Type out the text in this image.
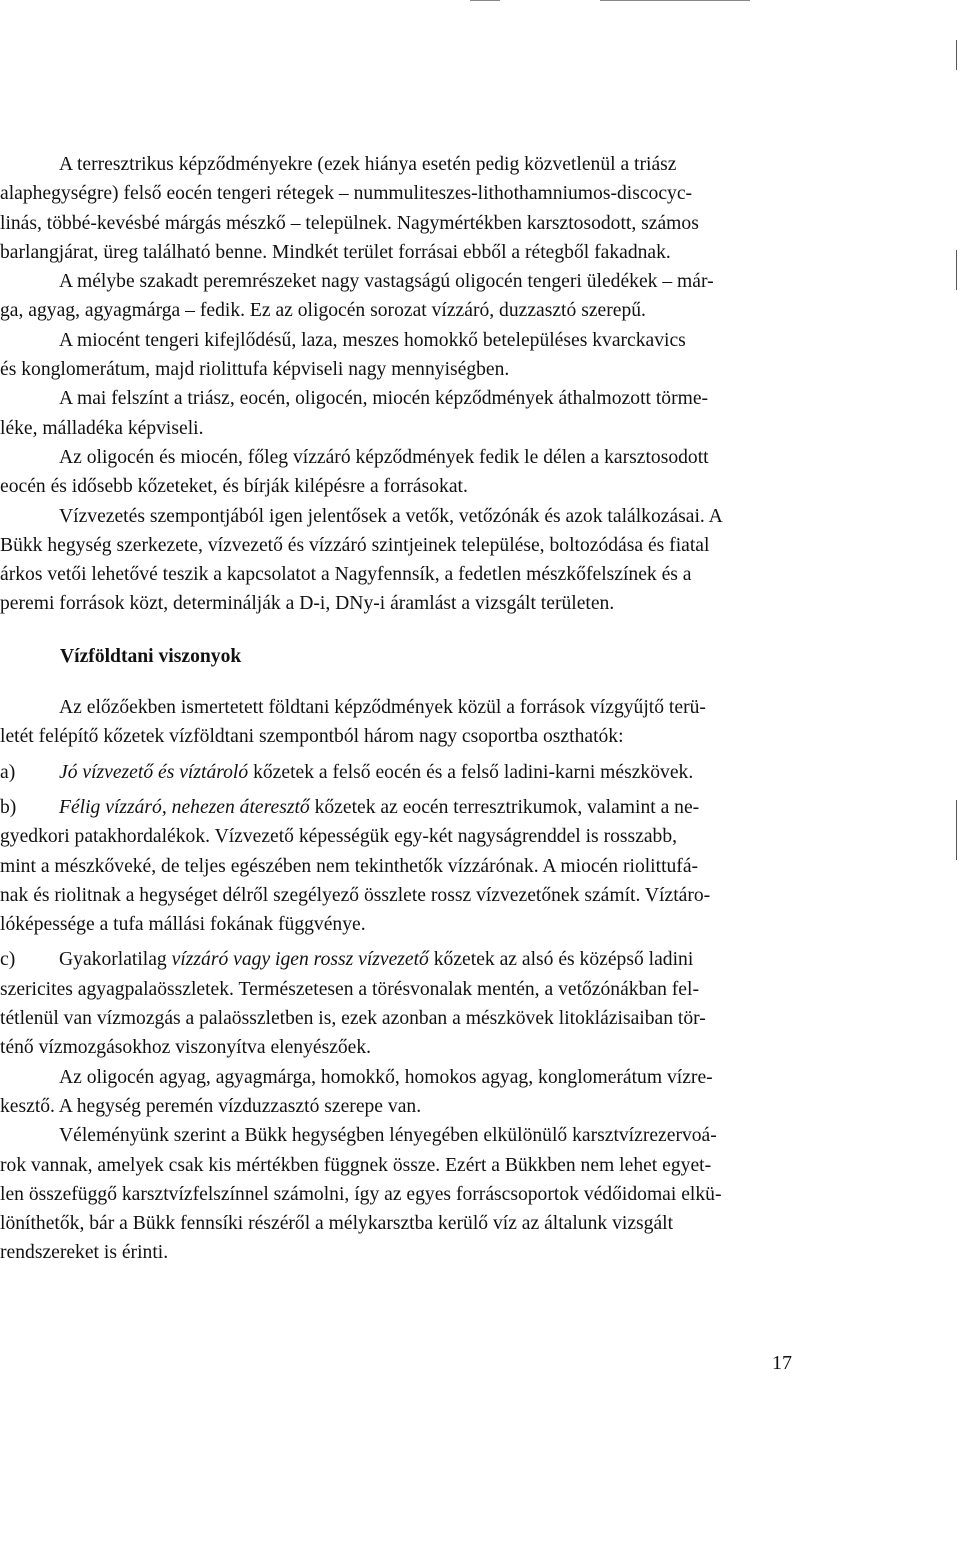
A terresztrikus képződményekre (ezek hiánya esetén pedig közvetlenül a triász
alaphegységre) felső eocén tengeri rétegek – nummuliteszes-lithothamniumos-discocyc-
linás, többé-kevésbé márgás mészkő – települnek. Nagymértékben karsztosodott, számos
barlangjárat, üreg található benne. Mindkét terület forrásai ebből a rétegből fakadnak.

A mélybe szakadt peremrészeket nagy vastagságú oligocén tengeri üledékek – már-
ga, agyag, agyagmárga – fedik. Ez az oligocén sorozat vízzáró, duzzasztó szerepű.

A miocént tengeri kifejlődésű, laza, meszes homokkő betelepüléses kvarckavics
és konglomerátum, majd riolittufa képviseli nagy mennyiségben.

A mai felszínt a triász, eocén, oligocén, miocén képződmények áthalmozott törme-
léke, málladéka képviseli.

Az oligocén és miocén, főleg vízzáró képződmények fedik le délen a karsztosodott
eocén és idősebb kőzeteket, és bírják kilépésre a forrásokat.

Vízvezetés szempontjából igen jelentősek a vetők, vetőzónák és azok találkozásai. A
Bükk hegység szerkezete, vízvezető és vízzáró szintjeinek települése, boltozódása és fiatal
árkos vetői lehetővé teszik a kapcsolatot a Nagyfennsík, a fedetlen mészkőfelszínek és a
peremi források közt, determinálják a D-i, DNy-i áramlást a vizsgált területen.

Vízföldtani viszonyok

Az előzőekben ismertetett földtani képződmények közül a források vízgyűjtő terü-
letét felépítő kőzetek vízföldtani szempontból három nagy csoportba oszthatók:

a) Jó vízvezető és víztároló kőzetek a felső eocén és a felső ladini-karni mészkövek.

b) Félig vízzáró, nehezen áteresztő kőzetek az eocén terresztrikumok, valamint a ne-
gyedkori patakhordalékok. Vízvezető képességük egy-két nagyságrenddel is rosszabb,
mint a mészkőveké, de teljes egészében nem tekinthetők vízzárónak. A miocén riolittufá-
nak és riolitnak a hegységet délről szegélyező összlete rossz vízvezetőnek számít. Víztáro-
lóképessége a tufa mállási fokának függvénye.

c) Gyakorlatilag vízzáró vagy igen rossz vízvezető kőzetek az alsó és középső ladini
szericites agyagpalaösszletek. Természetesen a törésvonalak mentén, a vetőzónákban fel-
tétlenül van vízmozgás a palaösszletben is, ezek azonban a mészkövek litoklázisaiban tör-
ténő vízmozgásokhoz viszonyítva elenyészőek.

Az oligocén agyag, agyagmárga, homokkő, homokos agyag, konglomerátum vízre-
kesztő. A hegység peremén vízduzzasztó szerepe van.

Véleményünk szerint a Bükk hegységben lényegében elkülönülő karsztvízrezervoá-
rok vannak, amelyek csak kis mértékben függnek össze. Ezért a Bükkben nem lehet egyet-
len összefüggő karsztvízfelszínnel számolni, így az egyes forráscsoportok védőidomai elkü-
löníthetők, bár a Bükk fennsíki részéről a mélykarsztba kerülő víz az általunk vizsgált
rendszereket is érinti.

17
